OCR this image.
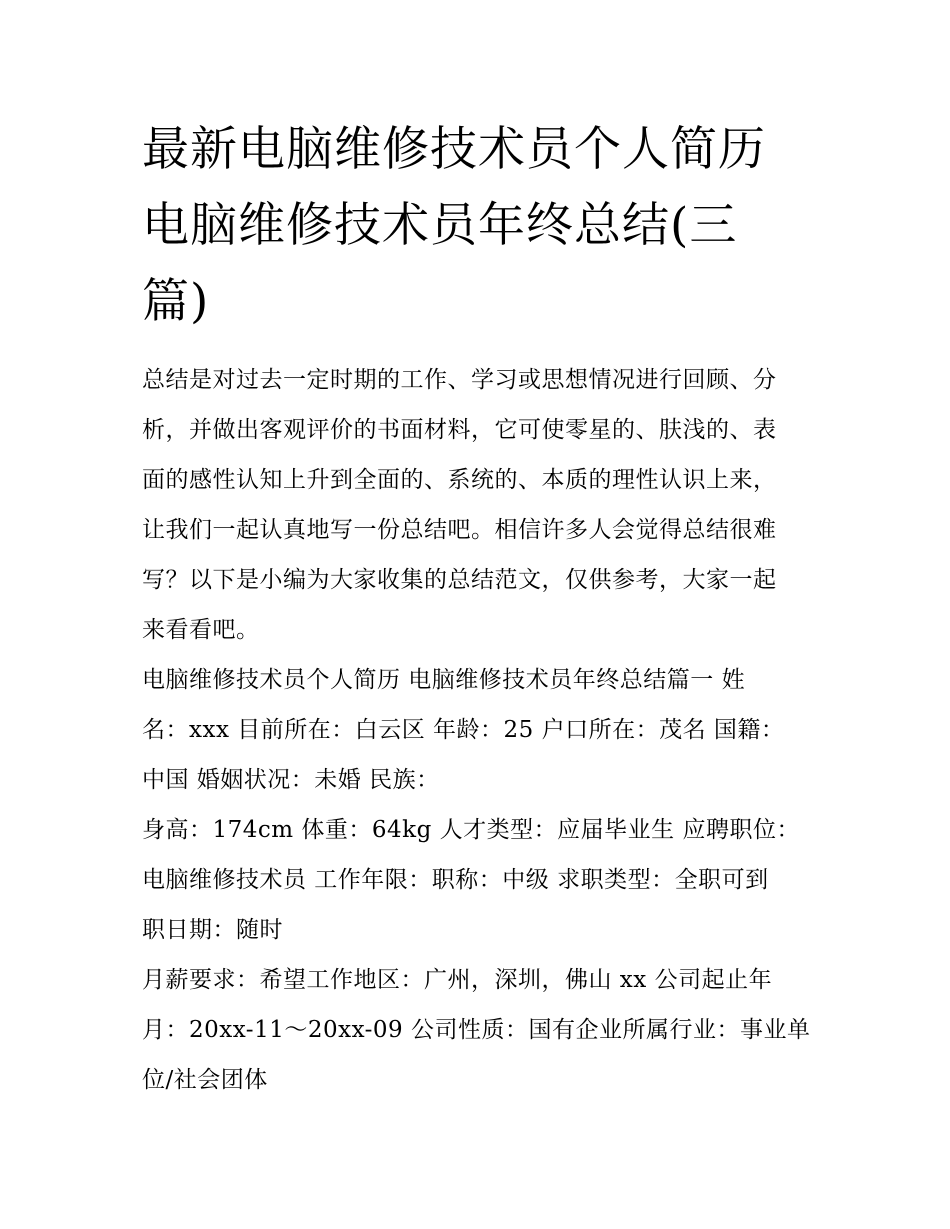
最新电脑维修技术员个人简历
电脑维修技术员年终总结(三
篇)
总结是对过去一定时期的工作、学习或思想情况进行回顾、分
析，并做出客观评价的书面材料，它可使零星的、肤浅的、表
面的感性认知上升到全面的、系统的、本质的理性认识上来，
让我们一起认真地写一份总结吧。相信许多人会觉得总结很难
写？以下是小编为大家收集的总结范文，仅供参考，大家一起
来看看吧。
电脑维修技术员个人简历 电脑维修技术员年终总结篇一 姓
名：xxx 目前所在：白云区 年龄：25 户口所在：茂名 国籍：
中国 婚姻状况：未婚 民族：
身高：174cm 体重：64kg 人才类型：应届毕业生 应聘职位：
电脑维修技术员 工作年限：职称：中级 求职类型：全职可到
职日期：随时
月薪要求：希望工作地区：广州，深圳，佛山 xx 公司起止年
月：20xx-11～20xx-09 公司性质：国有企业所属行业：事业单
位/社会团体
